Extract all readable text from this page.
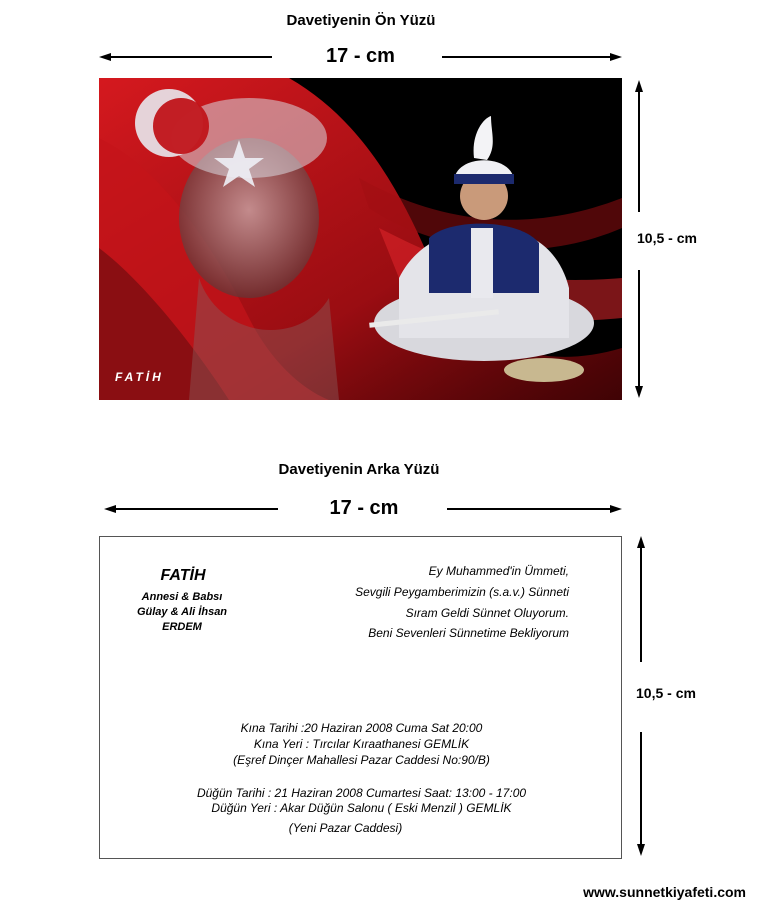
Davetiyenin Ön Yüzü
17 - cm
10,5 - cm
FATİH
Davetiyenin Arka Yüzü
17 - cm
10,5 - cm
FATİH
Annesi & Babsı
Gülay & Ali İhsan
ERDEM
Ey Muhammed'in Ümmeti,
Sevgili Peygamberimizin (s.a.v.) Sünneti
Sıram Geldi Sünnet Oluyorum.
Beni Sevenleri Sünnetime Bekliyorum
Kına Tarihi :20 Haziran 2008 Cuma Sat 20:00
Kına Yeri : Tırcılar Kıraathanesi GEMLİK
(Eşref Dinçer Mahallesi Pazar Caddesi No:90/B)
Düğün Tarihi : 21 Haziran 2008 Cumartesi Saat: 13:00 - 17:00
Düğün Yeri : Akar Düğün Salonu ( Eski Menzil ) GEMLİK
(Yeni Pazar Caddesi)
www.sunnetkiyafeti.com
